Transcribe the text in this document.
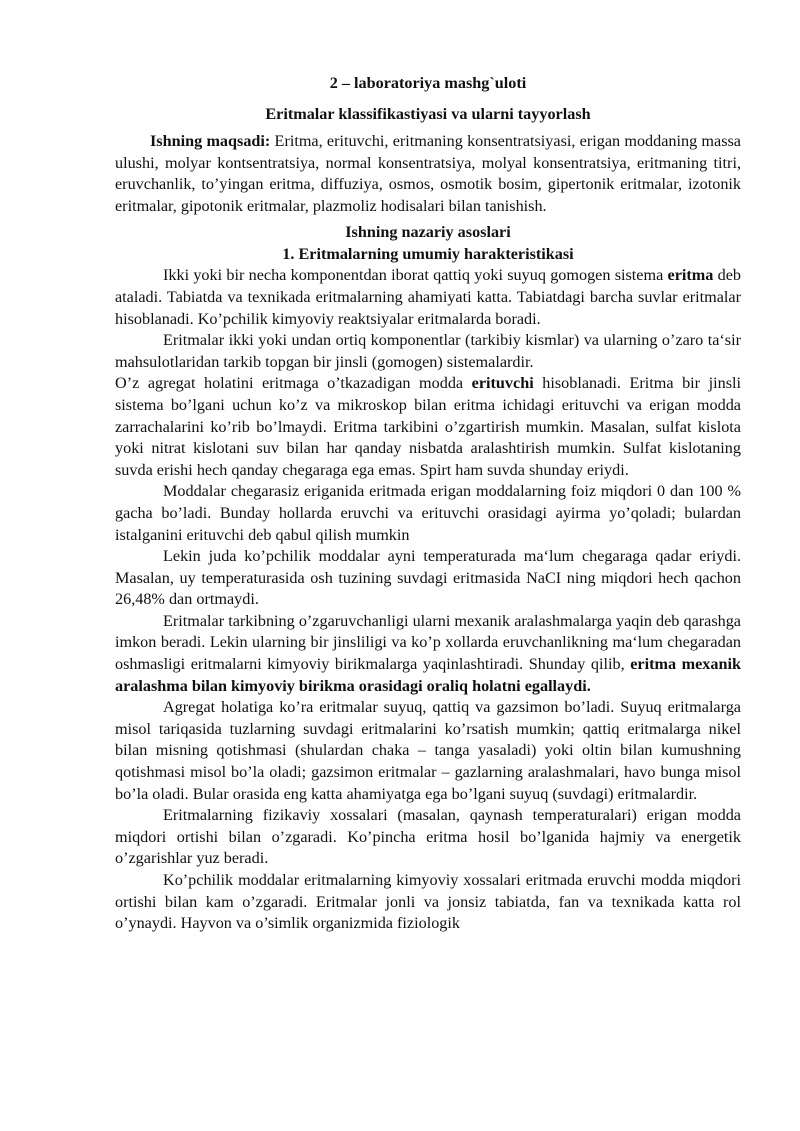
2 – laboratoriya mashg`uloti
Eritmalar klassifikastiyasi va ularni tayyorlash

Ishning maqsadi: Eritma, erituvchi, eritmaning konsentratsiyasi, erigan moddaning massa ulushi, molyar kontsentratsiya, normal konsentratsiya, molyal konsentratsiya, eritmaning titri, eruvchanlik, to’yingan eritma, diffuziya, osmos, osmotik bosim, gipertonik eritmalar, izotonik eritmalar, gipotonik eritmalar, plazmoliz hodisalari bilan tanishish.

Ishning nazariy asoslari
1. Eritmalarning umumiy harakteristikasi

Ikki yoki bir necha komponentdan iborat qattiq yoki suyuq gomogen sistema eritma deb ataladi. Tabiatda va texnikada eritmalarning ahamiyati katta. Tabiatdagi barcha suvlar eritmalar hisoblanadi. Ko’pchilik kimyoviy reaktsiyalar eritmalarda boradi.

Eritmalar ikki yoki undan ortiq komponentlar (tarkibiy kismlar) va ularning o’zaro ta‘sir mahsulotlaridan tarkib topgan bir jinsli (gomogen) sistemalardir.

O’z agregat holatini eritmaga o’tkazadigan modda erituvchi hisoblanadi. Eritma bir jinsli sistema bo’lgani uchun ko’z va mikroskop bilan eritma ichidagi erituvchi va erigan modda zarrachalarini ko’rib bo’lmaydi. Eritma tarkibini o’zgartirish mumkin. Masalan, sulfat kislota yoki nitrat kislotani suv bilan har qanday nisbatda aralashtirish mumkin. Sulfat kislotaning suvda erishi hech qanday chegaraga ega emas. Spirt ham suvda shunday eriydi.

Moddalar chegarasiz eriganida eritmada erigan moddalarning foiz miqdori 0 dan 100 % gacha bo’ladi. Bunday hollarda eruvchi va erituvchi orasidagi ayirma yo’qoladi; bulardan istalganini erituvchi deb qabul qilish mumkin

Lekin juda ko’pchilik moddalar ayni temperaturada ma‘lum chegaraga qadar eriydi. Masalan, uy temperaturasida osh tuzining suvdagi eritmasida NaCI ning miqdori hech qachon 26,48% dan ortmaydi.

Eritmalar tarkibning o’zgaruvchanligi ularni mexanik aralashmalarga yaqin deb qarashga imkon beradi. Lekin ularning bir jinsliligi va ko’p xollarda eruvchanlikning ma‘lum chegaradan oshmasligi eritmalarni kimyoviy birikmalarga yaqinlashtiradi. Shunday qilib, eritma mexanik aralashma bilan kimyoviy birikma orasidagi oraliq holatni egallaydi.

Agregat holatiga ko’ra eritmalar suyuq, qattiq va gazsimon bo’ladi. Suyuq eritmalarga misol tariqasida tuzlarning suvdagi eritmalarini ko’rsatish mumkin; qattiq eritmalarga nikel bilan misning qotishmasi (shulardan chaka – tanga yasaladi) yoki oltin bilan kumushning qotishmasi misol bo’la oladi; gazsimon eritmalar – gazlarning aralashmalari, havo bunga misol bo’la oladi. Bular orasida eng katta ahamiyatga ega bo’lgani suyuq (suvdagi) eritmalardir.

Eritmalarning fizikaviy xossalari (masalan, qaynash temperaturalari) erigan modda miqdori ortishi bilan o’zgaradi. Ko’pincha eritma hosil bo’lganida hajmiy va energetik o’zgarishlar yuz beradi.

Ko’pchilik moddalar eritmalarning kimyoviy xossalari eritmada eruvchi modda miqdori ortishi bilan kam o’zgaradi. Eritmalar jonli va jonsiz tabiatda, fan va texnikada katta rol o’ynaydi. Hayvon va o’simlik organizmida fiziologik
